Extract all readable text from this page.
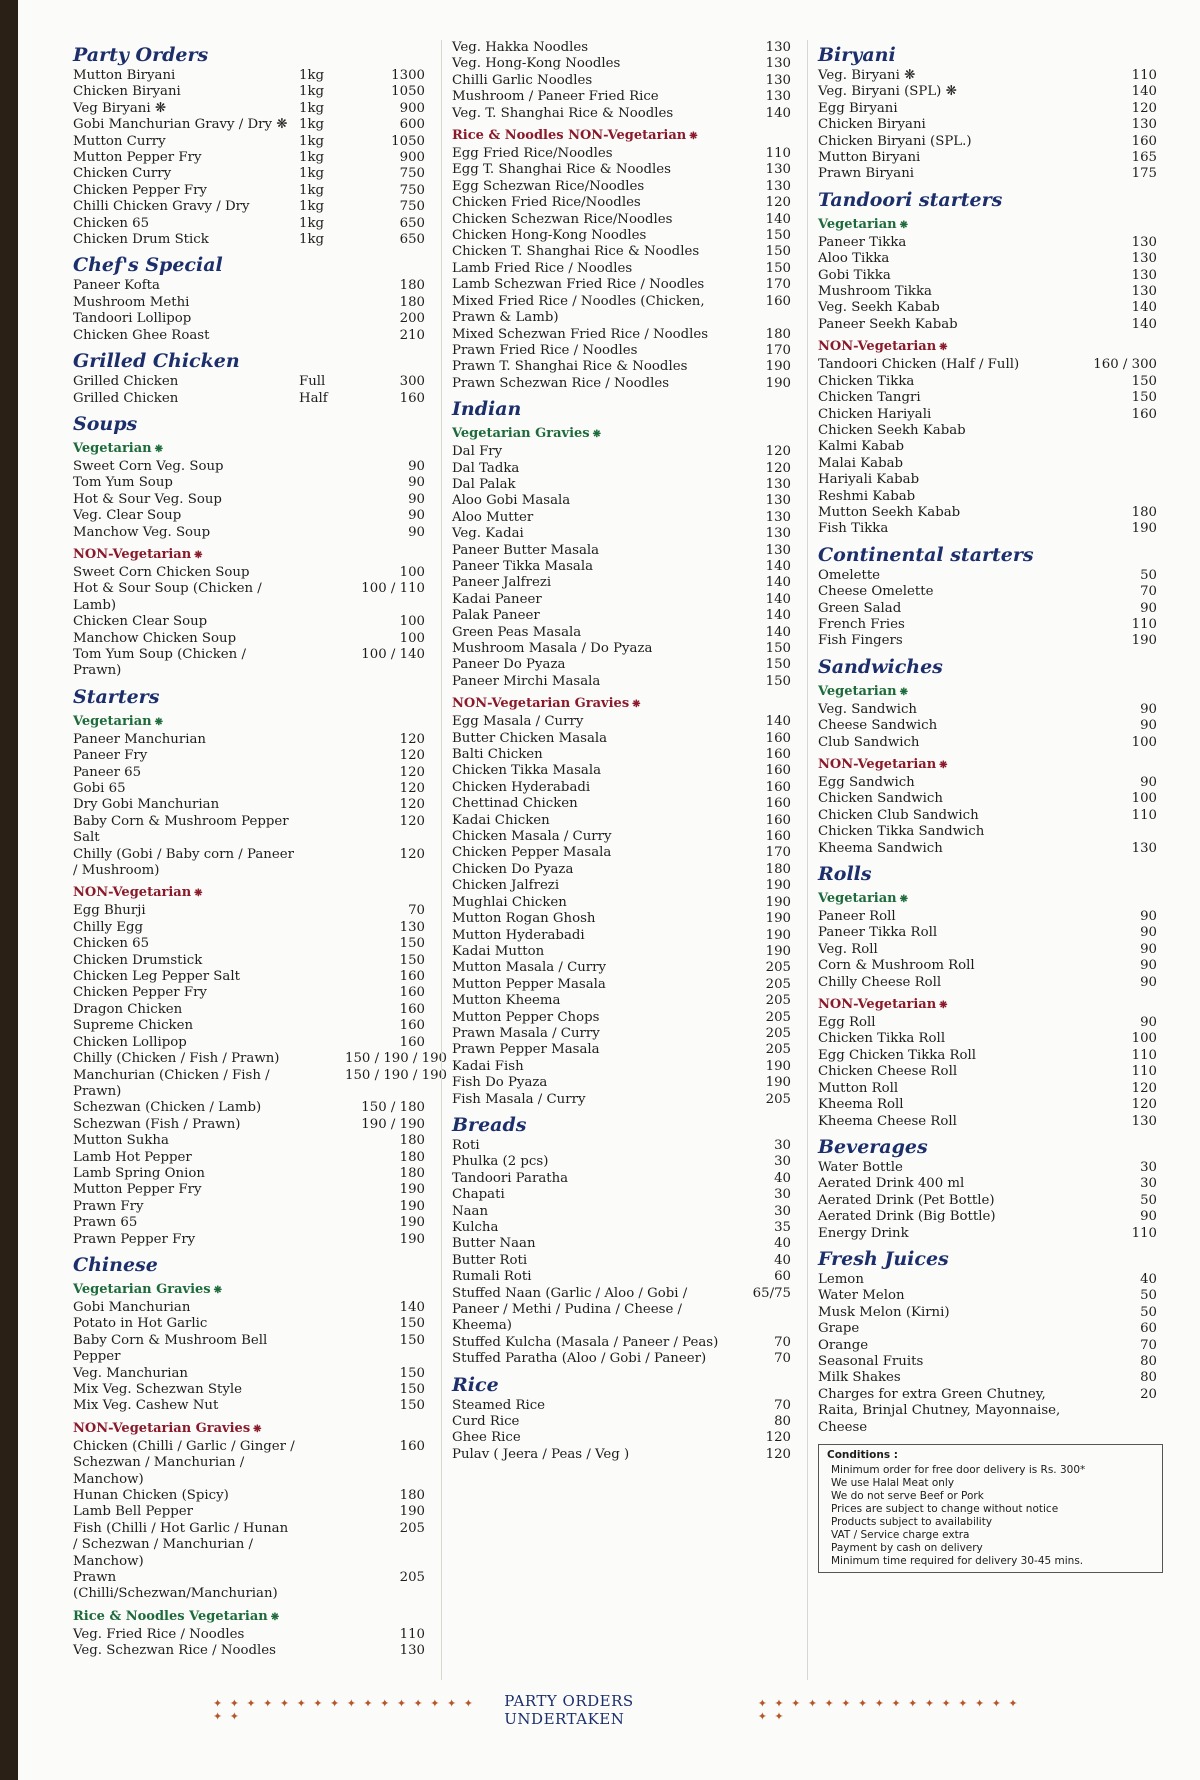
Party Orders
Mutton Biryani	1kg	1300
Chicken Biryani	1kg	1050
Veg Biryani ❋	1kg	900
Gobi Manchurian Gravy / Dry ❋ 1kg	600
Mutton Curry	1kg	1050
Mutton Pepper Fry	1kg	900
Chicken Curry	1kg	750
Chicken Pepper Fry	1kg	750
Chilli Chicken Gravy / Dry	1kg	750
Chicken 65	1kg	650
Chicken Drum Stick	1kg	650
Chef's Special
Paneer Kofta	180
Mushroom Methi	180
Tandoori Lollipop	200
Chicken Ghee Roast	210
Grilled Chicken
Grilled Chicken	Full	300
Grilled Chicken	Half	160
Soups
Vegetarian ❋
Sweet Corn Veg. Soup	90
Tom Yum Soup	90
Hot & Sour Veg. Soup	90
Veg. Clear Soup	90
Manchow Veg. Soup	90
NON-Vegetarian ❋
Sweet Corn Chicken Soup	100
Hot & Sour Soup (Chicken / Lamb)
100 / 110
Chicken Clear Soup	100
Manchow Chicken Soup	100
Tom Yum Soup (Chicken / Prawn)
100 / 140
Starters
Vegetarian ❋
Paneer Manchurian	120
Paneer Fry	120
Paneer 65	120
Gobi 65	120
Dry Gobi Manchurian	120
Baby Corn & Mushroom Pepper Salt
120
Chilly (Gobi / Baby corn / Paneer / Mushroom)
120
NON-Vegetarian ❋
Egg Bhurji	70
Chilly Egg	130
Chicken 65	150
Chicken Drumstick	150
Chicken Leg Pepper Salt	160
Chicken Pepper Fry	160
Dragon Chicken	160
Supreme Chicken	160
Chicken Lollipop	160
Chilly (Chicken / Fish / Prawn)	150 / 190 / 190
Manchurian (Chicken / Fish / Prawn)
150 / 190 / 190
Schezwan (Chicken / Lamb)	150 / 180
Schezwan (Fish / Prawn)	190 / 190
Mutton Sukha	180
Lamb Hot Pepper	180
Lamb Spring Onion	180
Mutton Pepper Fry	190
Prawn Fry	190
Prawn 65	190
Prawn Pepper Fry	190
Chinese
Vegetarian Gravies ❋
Gobi Manchurian	140
Potato in Hot Garlic	150
Baby Corn & Mushroom Bell Pepper
150
Veg. Manchurian	150
Mix Veg. Schezwan Style	150
Mix Veg. Cashew Nut	150
NON-Vegetarian Gravies ❋
Chicken (Chilli / Garlic / Ginger / Schezwan / Manchurian / Manchow)
160
Hunan Chicken (Spicy)	180
Lamb Bell Pepper	190
Fish (Chilli / Hot Garlic / Hunan / Schezwan / Manchurian / Manchow)
205
Prawn (Chilli/Schezwan/Manchurian)
205
Rice & Noodles Vegetarian ❋
Veg. Fried Rice / Noodles	110
Veg. Schezwan Rice / Noodles	130
Veg. Hakka Noodles	130
Veg. Hong-Kong Noodles	130
Chilli Garlic Noodles	130
Mushroom / Paneer Fried Rice	130
Veg. T. Shanghai Rice & Noodles	140
Rice & Noodles NON-Vegetarian ❋
Egg Fried Rice/Noodles	110
Egg T. Shanghai Rice & Noodles	130
Egg Schezwan Rice/Noodles	130
Chicken Fried Rice/Noodles	120
Chicken Schezwan Rice/Noodles	140
Chicken Hong-Kong Noodles	150
Chicken T. Shanghai Rice & Noodles	150
Lamb Fried Rice / Noodles	150
Lamb Schezwan Fried Rice / Noodles	170
Mixed Fried Rice / Noodles (Chicken, Prawn & Lamb)
160
Mixed Schezwan Fried Rice / Noodles	180
Prawn Fried Rice / Noodles	170
Prawn T. Shanghai Rice & Noodles	190
Prawn Schezwan Rice / Noodles	190
Indian
Vegetarian Gravies ❋
Dal Fry	120
Dal Tadka	120
Dal Palak	130
Aloo Gobi Masala	130
Aloo Mutter	130
Veg. Kadai	130
Paneer Butter Masala	130
Paneer Tikka Masala	140
Paneer Jalfrezi	140
Kadai Paneer	140
Palak Paneer	140
Green Peas Masala	140
Mushroom Masala / Do Pyaza	150
Paneer Do Pyaza	150
Paneer Mirchi Masala	150
NON-Vegetarian Gravies ❋
Egg Masala / Curry	140
Butter Chicken Masala	160
Balti Chicken	160
Chicken Tikka Masala	160
Chicken Hyderabadi	160
Chettinad Chicken	160
Kadai Chicken	160
Chicken Masala / Curry	160
Chicken Pepper Masala	170
Chicken Do Pyaza	180
Chicken Jalfrezi	190
Mughlai Chicken	190
Mutton Rogan Ghosh	190
Mutton Hyderabadi	190
Kadai Mutton	190
Mutton Masala / Curry	205
Mutton Pepper Masala	205
Mutton Kheema	205
Mutton Pepper Chops	205
Prawn Masala / Curry	205
Prawn Pepper Masala	205
Kadai Fish	190
Fish Do Pyaza	190
Fish Masala / Curry	205
Breads
Roti	30
Phulka (2 pcs)	30
Tandoori Paratha	40
Chapati	30
Naan	30
Kulcha	35
Butter Naan	40
Butter Roti	40
Rumali Roti	60
Stuffed Naan (Garlic / Aloo / Gobi / Paneer / Methi / Pudina / Cheese / Kheema)
65/75
Stuffed Kulcha (Masala / Paneer / Peas)	70
Stuffed Paratha (Aloo / Gobi / Paneer)	70
Rice
Steamed Rice	70
Curd Rice	80
Ghee Rice	120
Pulav ( Jeera / Peas / Veg )	120
Biryani
Veg. Biryani ❋	110
Veg. Biryani (SPL) ❋	140
Egg Biryani	120
Chicken Biryani	130
Chicken Biryani (SPL.)	160
Mutton Biryani	165
Prawn Biryani	175
Tandoori starters
Vegetarian ❋
Paneer Tikka	130
Aloo Tikka	130
Gobi Tikka	130
Mushroom Tikka	130
Veg. Seekh Kabab	140
Paneer Seekh Kabab	140
NON-Vegetarian ❋
Tandoori Chicken (Half / Full)	160 / 300
Chicken Tikka	150
Chicken Tangri	150
Chicken Hariyali	160
Chicken Seekh Kabab
Kalmi Kabab
Malai Kabab
Hariyali Kabab
Reshmi Kabab
Mutton Seekh Kabab	180
Fish Tikka	190
Continental starters
Omelette	50
Cheese Omelette	70
Green Salad	90
French Fries	110
Fish Fingers	190
Sandwiches
Vegetarian ❋
Veg. Sandwich	90
Cheese Sandwich	90
Club Sandwich	100
NON-Vegetarian ❋
Egg Sandwich	90
Chicken Sandwich	100
Chicken Club Sandwich	110
Chicken Tikka Sandwich
Kheema Sandwich	130
Rolls
Vegetarian ❋
Paneer Roll	90
Paneer Tikka Roll	90
Veg. Roll	90
Corn & Mushroom Roll	90
Chilly Cheese Roll	90
NON-Vegetarian ❋
Egg Roll	90
Chicken Tikka Roll	100
Egg Chicken Tikka Roll	110
Chicken Cheese Roll	110
Mutton Roll	120
Kheema Roll	120
Kheema Cheese Roll	130
Beverages
Water Bottle	30
Aerated Drink 400 ml	30
Aerated Drink (Pet Bottle)	50
Aerated Drink (Big Bottle)	90
Energy Drink	110
Fresh Juices
Lemon	40
Water Melon	50
Musk Melon (Kirni)	50
Grape	60
Orange	70
Seasonal Fruits	80
Milk Shakes	80
Charges for extra Green Chutney, Raita, Brinjal Chutney, Mayonnaise, Cheese
20
Conditions :
Minimum order for free door delivery is Rs. 300*
We use Halal Meat only
We do not serve Beef or Pork
Prices are subject to change without notice
Products subject to availability
VAT / Service charge extra
Payment by cash on delivery
Minimum time required for delivery 30-45 mins.
✦ ✦ ✦ ✦ ✦ ✦ ✦ ✦ ✦ ✦ ✦ ✦ ✦ ✦ ✦ ✦ ✦ ✦
PARTY ORDERS UNDERTAKEN
✦ ✦ ✦ ✦ ✦ ✦ ✦ ✦ ✦ ✦ ✦ ✦ ✦ ✦ ✦ ✦ ✦ ✦
